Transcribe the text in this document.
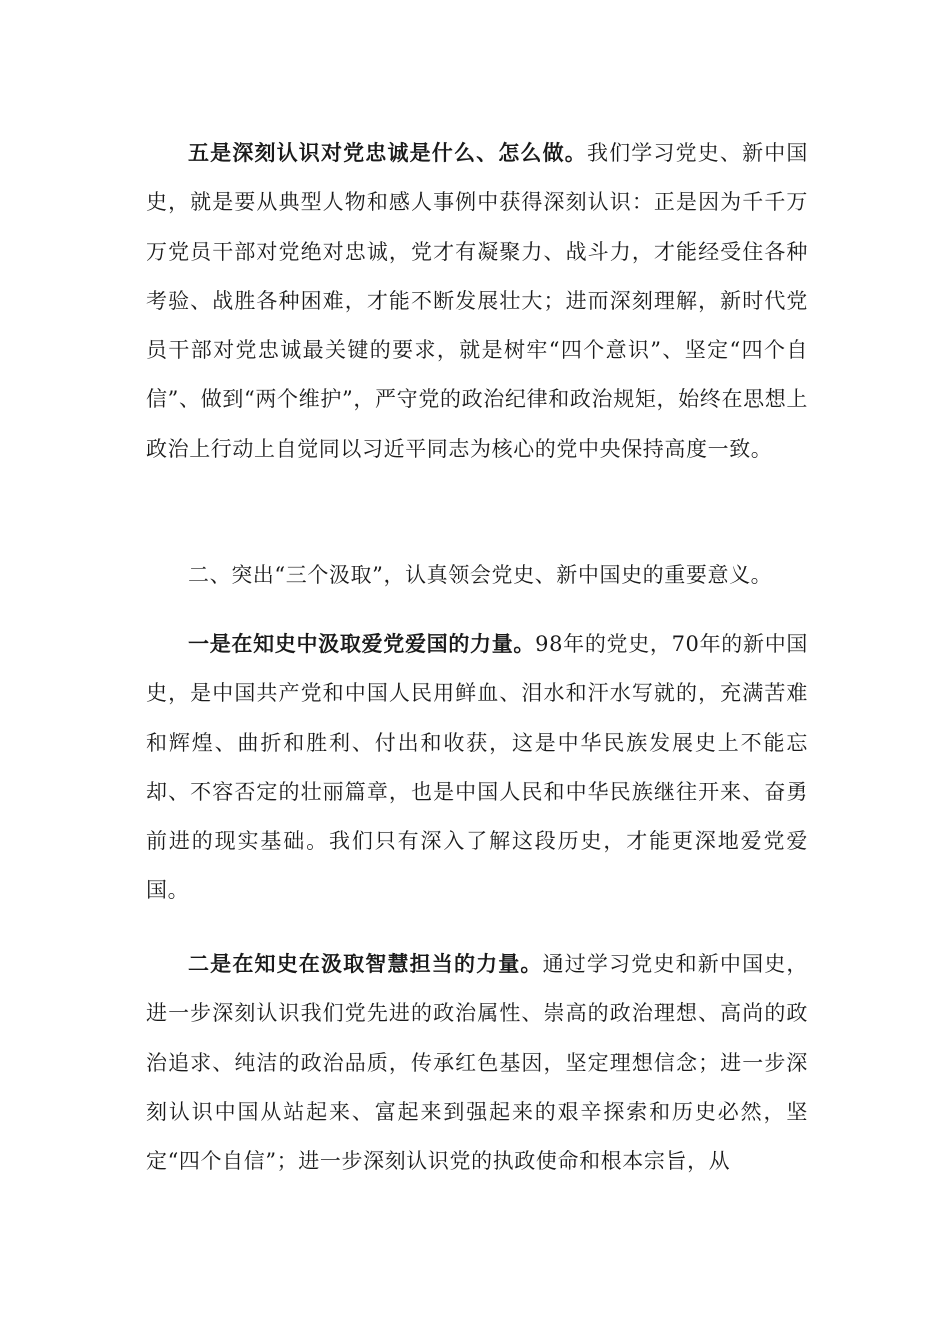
五是深刻认识对党忠诚是什么、怎么做。我们学习党史、新中国史，就是要从典型人物和感人事例中获得深刻认识：正是因为千千万万党员干部对党绝对忠诚，党才有凝聚力、战斗力，才能经受住各种考验、战胜各种困难，才能不断发展壮大；进而深刻理解，新时代党员干部对党忠诚最关键的要求，就是树牢“四个意识”、坚定“四个自信”、做到“两个维护”，严守党的政治纪律和政治规矩，始终在思想上政治上行动上自觉同以习近平同志为核心的党中央保持高度一致。

二、突出“三个汲取”，认真领会党史、新中国史的重要意义。

一是在知史中汲取爱党爱国的力量。98年的党史，70年的新中国史，是中国共产党和中国人民用鲜血、泪水和汗水写就的，充满苦难和辉煌、曲折和胜利、付出和收获，这是中华民族发展史上不能忘却、不容否定的壮丽篇章，也是中国人民和中华民族继往开来、奋勇前进的现实基础。我们只有深入了解这段历史，才能更深地爱党爱国。

二是在知史在汲取智慧担当的力量。通过学习党史和新中国史，进一步深刻认识我们党先进的政治属性、崇高的政治理想、高尚的政治追求、纯洁的政治品质，传承红色基因，坚定理想信念；进一步深刻认识中国从站起来、富起来到强起来的艰辛探索和历史必然，坚定“四个自信”；进一步深刻认识党的执政使命和根本宗旨，从
